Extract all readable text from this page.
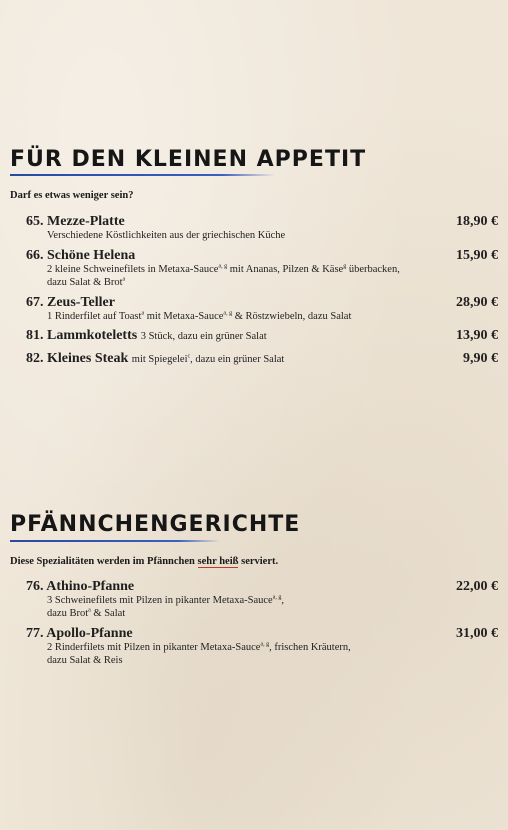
FÜR DEN KLEINEN APPETIT

Darf es etwas weniger sein?

65. Mezze-Platte
Verschiedene Köstlichkeiten aus der griechischen Küche
18,90 €
66. Schöne Helena
2 kleine Schweinefilets in Metaxa-Sauce$^{a, g}$ mit Ananas, Pilzen & Käse$^g$ überbacken,
dazu Salat & Brot$^a$
15,90 €
67. Zeus-Teller
1 Rinderfilet auf Toast$^a$ mit Metaxa-Sauce$^{a, g}$ & Röstzwiebeln, dazu Salat
28,90 €
81. Lammkoteletts 3 Stück, dazu ein grüner Salat	13,90 €
82. Kleines Steak mit Spiegelei$^c$, dazu ein grüner Salat	9,90 €
PFÄNNCHENGERICHTE

Diese Spezialitäten werden im Pfännchen sehr heiß serviert.

76. Athino-Pfanne
3 Schweinefilets mit Pilzen in pikanter Metaxa-Sauce$^{a, g}$,
dazu Brot$^a$ & Salat
22,00 €
77. Apollo-Pfanne
2 Rinderfilets mit Pilzen in pikanter Metaxa-Sauce$^{a, g}$, frischen Kräutern,
dazu Salat & Reis
31,00 €
